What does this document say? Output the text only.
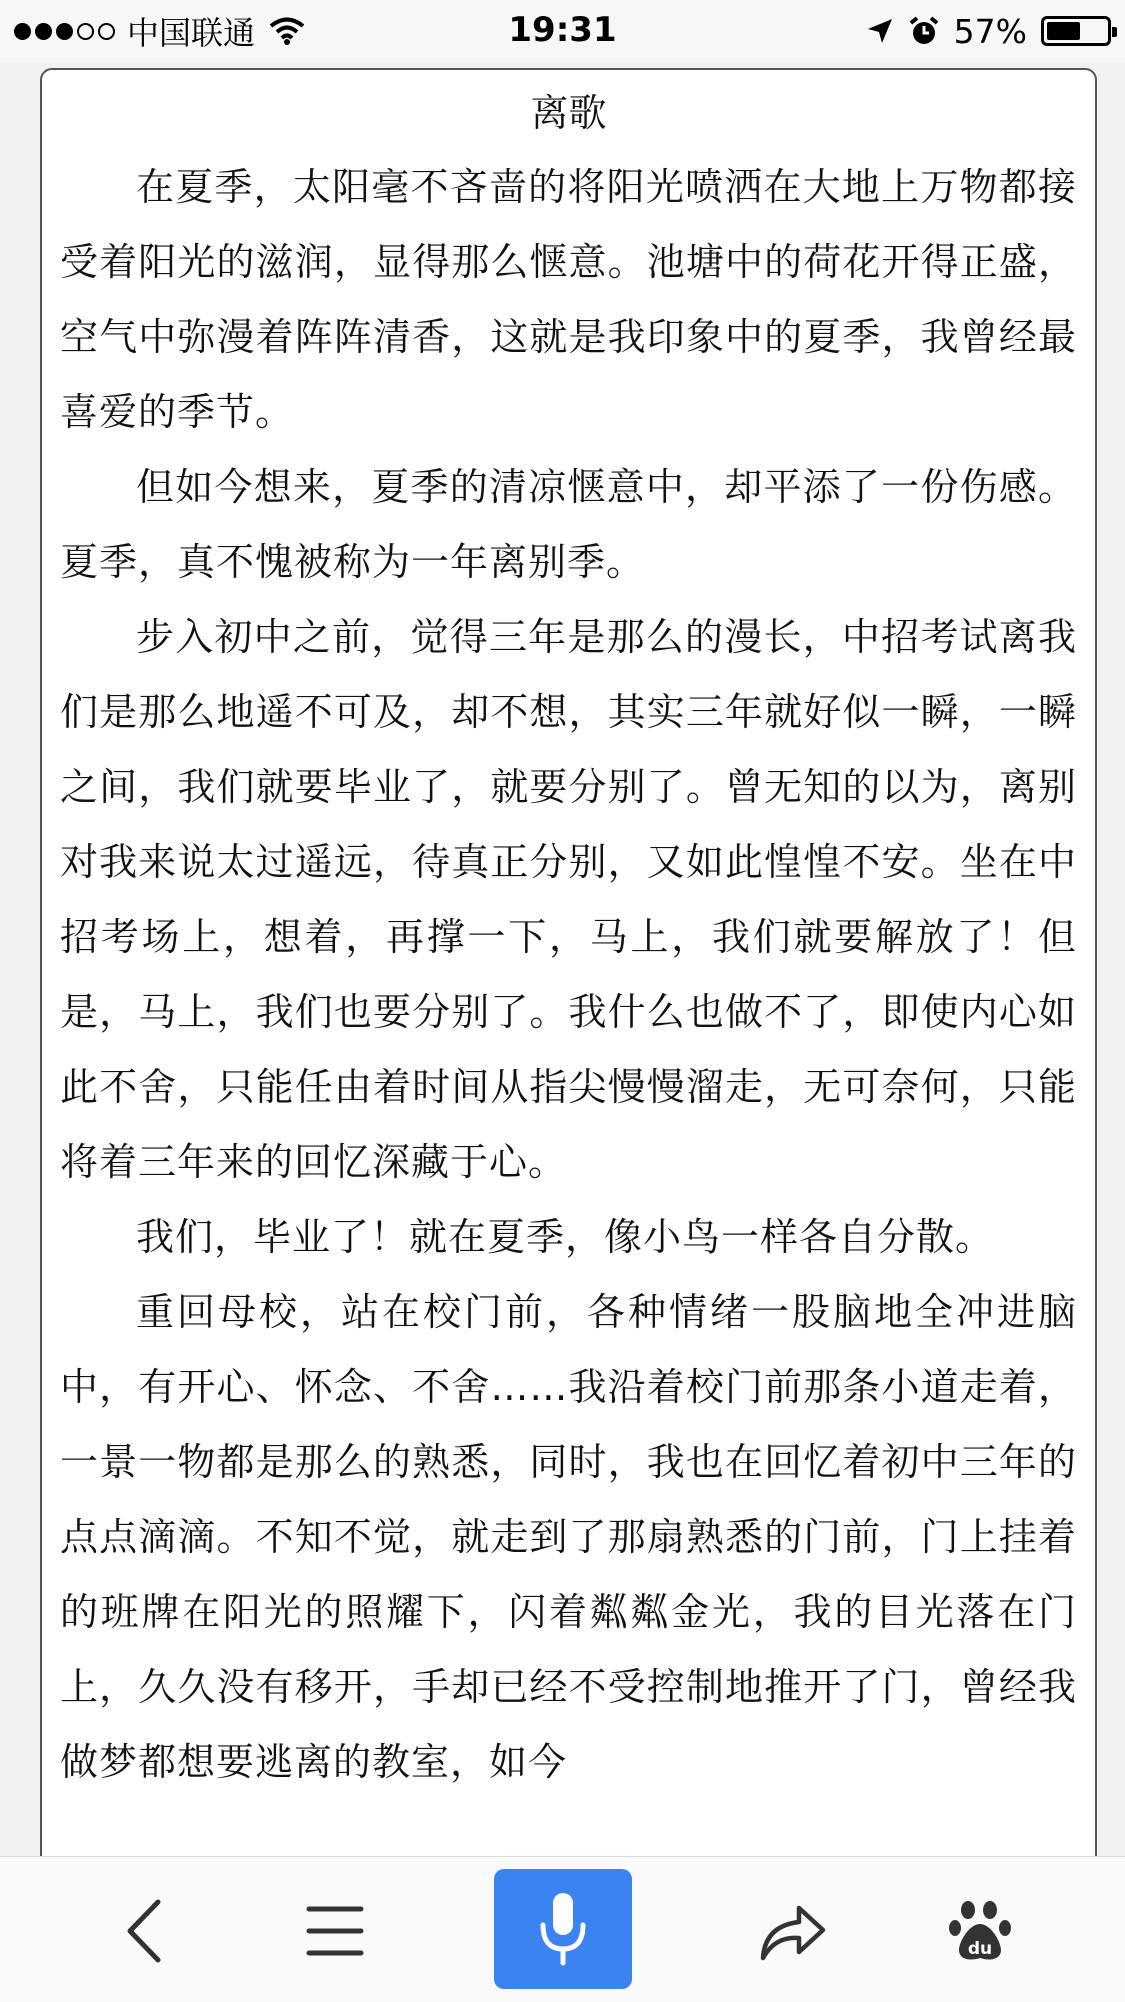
中国联通	19:31	57%
离歌

在夏季，太阳毫不吝啬的将阳光喷洒在大地上万物都接受着阳光的滋润，显得那么惬意。池塘中的荷花开得正盛，空气中弥漫着阵阵清香，这就是我印象中的夏季，我曾经最喜爱的季节。

但如今想来，夏季的清凉惬意中，却平添了一份伤感。夏季，真不愧被称为一年离别季。

步入初中之前，觉得三年是那么的漫长，中招考试离我们是那么地遥不可及，却不想，其实三年就好似一瞬，一瞬之间，我们就要毕业了，就要分别了。曾无知的以为，离别对我来说太过遥远，待真正分别，又如此惶惶不安。坐在中招考场上，想着，再撑一下，马上，我们就要解放了！但是，马上，我们也要分别了。我什么也做不了，即使内心如此不舍，只能任由着时间从指尖慢慢溜走，无可奈何，只能将着三年来的回忆深藏于心。

我们，毕业了！就在夏季，像小鸟一样各自分散。

重回母校，站在校门前，各种情绪一股脑地全冲进脑中，有开心、怀念、不舍……我沿着校门前那条小道走着，一景一物都是那么的熟悉，同时，我也在回忆着初中三年的点点滴滴。不知不觉，就走到了那扇熟悉的门前，门上挂着的班牌在阳光的照耀下，闪着粼粼金光，我的目光落在门上，久久没有移开，手却已经不受控制地推开了门，曾经我做梦都想要逃离的教室，如今

du
